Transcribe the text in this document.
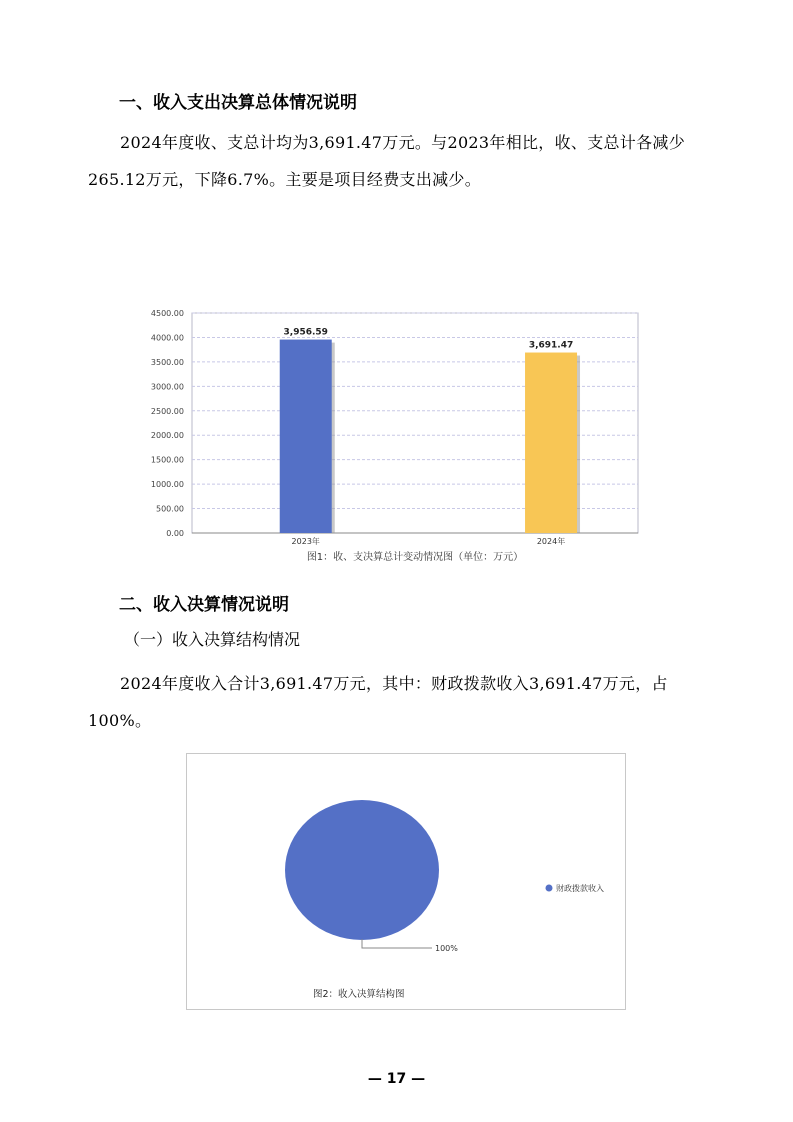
一、收入支出决算总体情况说明
2024年度收、支总计均为3,691.47万元。与2023年相比，收、支总计各减少265.12万元，下降6.7%。主要是项目经费支出减少。
0.00
500.00
1000.00
1500.00
2000.00
2500.00
3000.00
3500.00
4000.00
4500.00
3,956.59
2023年
3,691.47
2024年
图1：收、支决算总计变动情况图（单位：万元）
二、收入决算情况说明
（一）收入决算结构情况
2024年度收入合计3,691.47万元，其中：财政拨款收入3,691.47万元，占100%。
100%
财政拨款收入
图2：收入决算结构图
— 17 —
